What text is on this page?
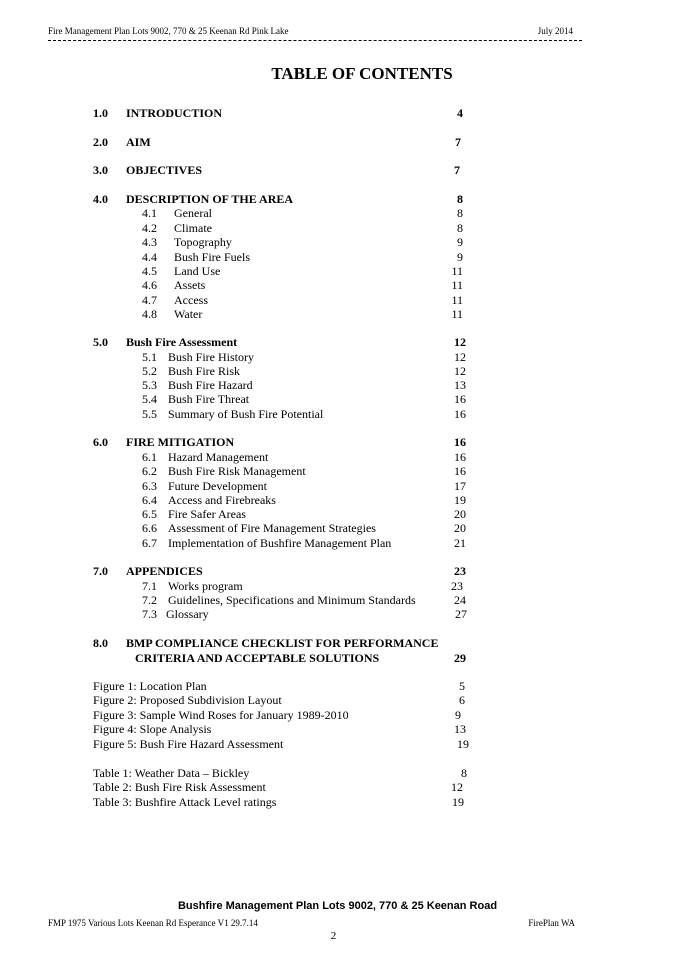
Fire Management Plan Lots 9002, 770 & 25 Keenan Rd Pink Lake	July 2014
TABLE OF CONTENTS
1.0 INTRODUCTION	4
2.0 AIM	7
3.0 OBJECTIVES	7
4.0 DESCRIPTION OF THE AREA	8
5.0 Bush Fire Assessment	12
6.0 FIRE MITIGATION	16
7.0 APPENDICES	23
8.0 BMP COMPLIANCE CHECKLIST FOR PERFORMANCE
CRITERIA AND ACCEPTABLE SOLUTIONS	29
4.1 General	8
4.2 Climate	8
4.3 Topography	9
4.4 Bush Fire Fuels	9
4.5 Land Use	11
4.6 Assets	11
4.7 Access	11
4.8 Water	11
5.1 Bush Fire History	12
5.2 Bush Fire Risk	12
5.3 Bush Fire Hazard	13
5.4 Bush Fire Threat	16
5.5 Summary of Bush Fire Potential	16
6.1 Hazard Management	16
6.2 Bush Fire Risk Management	16
6.3 Future Development	17
6.4 Access and Firebreaks	19
6.5 Fire Safer Areas	20
6.6 Assessment of Fire Management Strategies	20
6.7 Implementation of Bushfire Management Plan	21
7.1 Works program	23
7.2 Guidelines, Specifications and Minimum Standards	24
7.3 Glossary	27
Figure 1: Location Plan	5
Figure 2: Proposed Subdivision Layout	6
Figure 3: Sample Wind Roses for January 1989-2010	9
Figure 4: Slope Analysis	13
Figure 5: Bush Fire Hazard Assessment	19
Table 1: Weather Data – Bickley	8
Table 2: Bush Fire Risk Assessment	12
Table 3: Bushfire Attack Level ratings	19
Bushfire Management Plan Lots 9002, 770 & 25 Keenan Road
FMP 1975 Various Lots Keenan Rd Esperance V1 29.7.14	FirePlan WA
2
